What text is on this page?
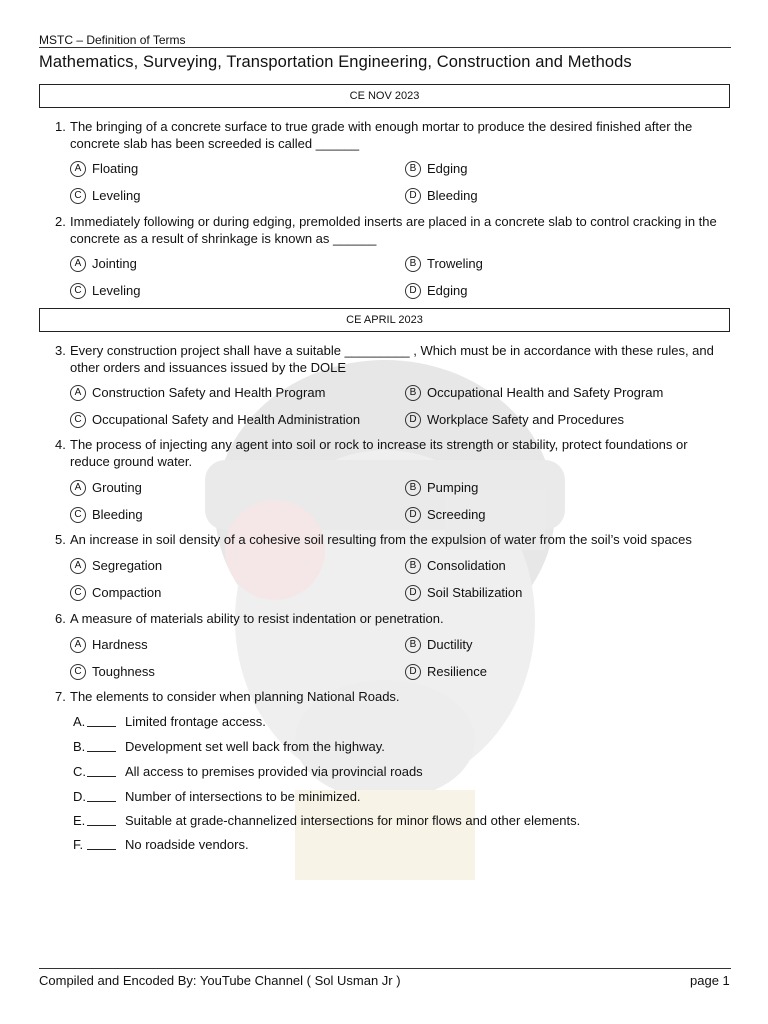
MSTC – Definition of Terms
Mathematics, Surveying, Transportation Engineering, Construction and Methods
CE NOV 2023
1. The bringing of a concrete surface to true grade with enough mortar to produce the desired finished after the concrete slab has been screeded is called ______
A Floating	B Edging
C Leveling	D Bleeding
2. Immediately following or during edging, premolded inserts are placed in a concrete slab to control cracking in the concrete as a result of shrinkage is known as ______
A Jointing	B Troweling
C Leveling	D Edging
CE APRIL 2023
3. Every construction project shall have a suitable _________ , Which must be in accordance with these rules, and other orders and issuances issued by the DOLE
A Construction Safety and Health Program	B Occupational Health and Safety Program
C Occupational Safety and Health Administration	D Workplace Safety and Procedures
4. The process of injecting any agent into soil or rock to increase its strength or stability, protect foundations or reduce ground water.
A Grouting	B Pumping
C Bleeding	D Screeding
5. An increase in soil density of a cohesive soil resulting from the expulsion of water from the soil’s void spaces
A Segregation	B Consolidation
C Compaction	D Soil Stabilization
6. A measure of materials ability to resist indentation or penetration.
A Hardness	B Ductility
C Toughness	D Resilience
7. The elements to consider when planning National Roads.
A.	Limited frontage access.
B.	Development set well back from the highway.
C.	All access to premises provided via provincial roads
D.	Number of intersections to be minimized.
E.	Suitable at grade-channelized intersections for minor flows and other elements.
F.	No roadside vendors.
Compiled and Encoded By: YouTube Channel ( Sol Usman Jr )	page 1
